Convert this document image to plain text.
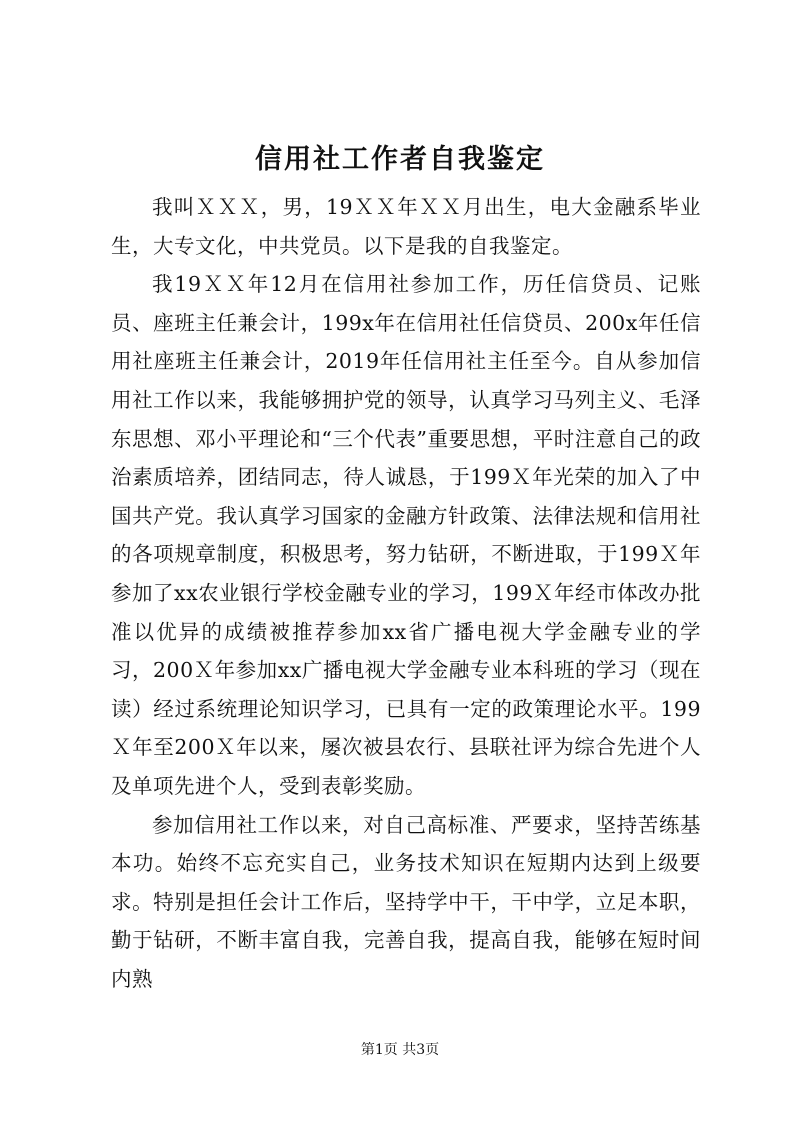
信用社工作者自我鉴定

我叫ＸＸＸ，男，19ＸＸ年ＸＸ月出生，电大金融系毕业生，大专文化，中共党员。以下是我的自我鉴定。

我19ＸＸ年12月在信用社参加工作，历任信贷员、记账员、座班主任兼会计，199x年在信用社任信贷员、200x年任信用社座班主任兼会计，2019年任信用社主任至今。自从参加信用社工作以来，我能够拥护党的领导，认真学习马列主义、毛泽东思想、邓小平理论和“三个代表”重要思想，平时注意自己的政治素质培养，团结同志，待人诚恳，于199Ｘ年光荣的加入了中国共产党。我认真学习国家的金融方针政策、法律法规和信用社的各项规章制度，积极思考，努力钻研，不断进取，于199Ｘ年参加了xx农业银行学校金融专业的学习，199Ｘ年经市体改办批准以优异的成绩被推荐参加xx省广播电视大学金融专业的学习，200Ｘ年参加xx广播电视大学金融专业本科班的学习（现在读）经过系统理论知识学习，已具有一定的政策理论水平。199Ｘ年至200Ｘ年以来，屡次被县农行、县联社评为综合先进个人及单项先进个人，受到表彰奖励。

参加信用社工作以来，对自己高标准、严要求，坚持苦练基本功。始终不忘充实自己，业务技术知识在短期内达到上级要求。特别是担任会计工作后，坚持学中干，干中学，立足本职，勤于钻研，不断丰富自我，完善自我，提高自我，能够在短时间内熟

第1页 共3页
